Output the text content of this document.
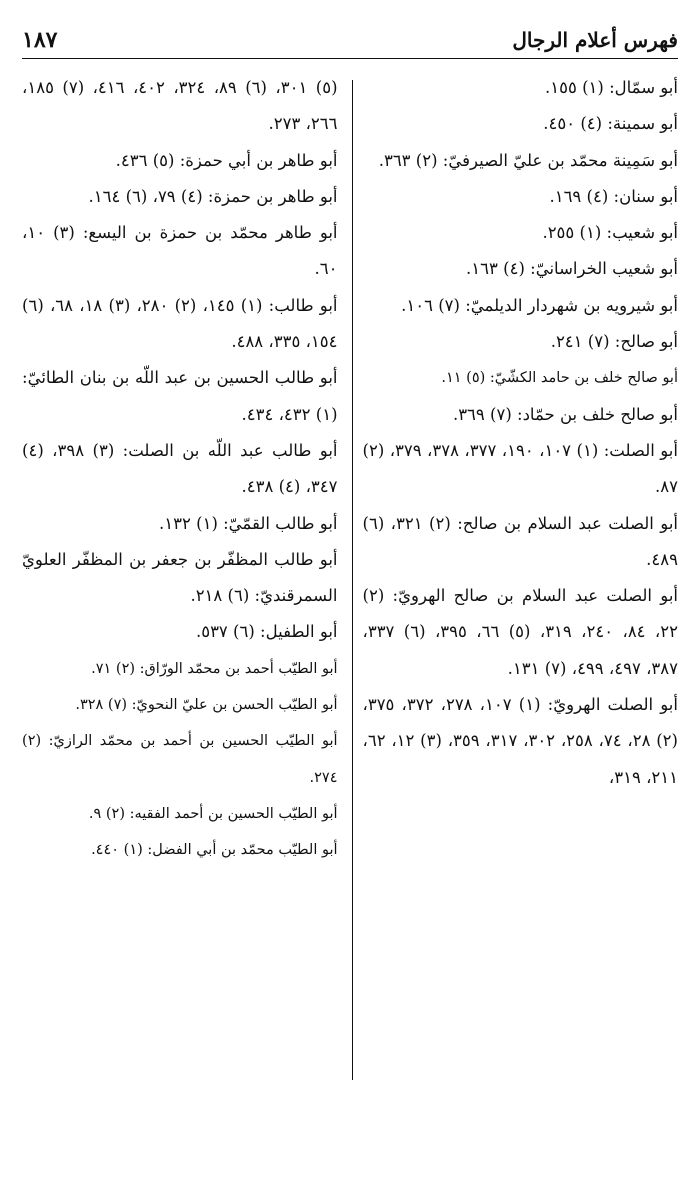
فهرس أعلام الرجال
١٨٧

أبو سمّال: (١) ١٥٥.

أبو سمينة: (٤) ٤٥٠.

أبو سَمِينة محمّد بن عليّ الصيرفيّ: (٢) ٣٦٣.

أبو سنان: (٤) ١٦٩.

أبو شعيب: (١) ٢٥٥.

أبو شعيب الخراسانيّ: (٤) ١٦٣.

أبو شيرويه بن شهردار الديلميّ: (٧) ١٠٦.

أبو صالح: (٧) ٢٤١.

أبو صالح خلف بن حامد الكشّيّ: (٥) ١١.

أبو صالح خلف بن حمّاد: (٧) ٣٦٩.

أبو الصلت: (١) ١٠٧، ١٩٠، ٣٧٧، ٣٧٨، ٣٧٩، (٢) ٨٧.

أبو الصلت عبد السلام بن صالح: (٢) ٣٢١، (٦) ٤٨٩.

أبو الصلت عبد السلام بن صالح الهرويّ: (٢) ٢٢، ٨٤، ٢٤٠، ٣١٩، (٥) ٦٦، ٣٩٥، (٦) ٣٣٧، ٣٨٧، ٤٩٧، ٤٩٩، (٧) ١٣١.

أبو الصلت الهرويّ: (١) ١٠٧، ٢٧٨، ٣٧٢، ٣٧٥، (٢) ٢٨، ٧٤، ٢٥٨، ٣٠٢، ٣١٧، ٣٥٩، (٣) ١٢، ٦٢، ٢١١، ٣١٩،

(٥) ٣٠١، (٦) ٨٩، ٣٢٤، ٤٠٢، ٤١٦، (٧) ١٨٥، ٢٦٦، ٢٧٣.

أبو طاهر بن أبي حمزة: (٥) ٤٣٦.

أبو طاهر بن حمزة: (٤) ٧٩، (٦) ١٦٤.

أبو طاهر محمّد بن حمزة بن اليسع: (٣) ١٠، ٦٠.

أبو طالب: (١) ١٤٥، (٢) ٢٨٠، (٣) ١٨، ٦٨، (٦) ١٥٤، ٣٣٥، ٤٨٨.

أبو طالب الحسين بن عبد اللّه بن بنان الطائيّ: (١) ٤٣٢، ٤٣٤.

أبو طالب عبد اللّه بن الصلت: (٣) ٣٩٨، (٤) ٣٤٧، (٤) ٤٣٨.

أبو طالب القمّيّ: (١) ١٣٢.

أبو طالب المظفّر بن جعفر بن المظفّر العلويّ السمرقنديّ: (٦) ٢١٨.

أبو الطفيل: (٦) ٥٣٧.

أبو الطيّب أحمد بن محمّد الورّاق: (٢) ٧١.

أبو الطيّب الحسن بن عليّ النحويّ: (٧) ٣٢٨.

أبو الطيّب الحسين بن أحمد بن محمّد الرازيّ: (٢) ٢٧٤.

أبو الطيّب الحسين بن أحمد الفقيه: (٢) ٩.

أبو الطيّب محمّد بن أبي الفضل: (١) ٤٤٠.
